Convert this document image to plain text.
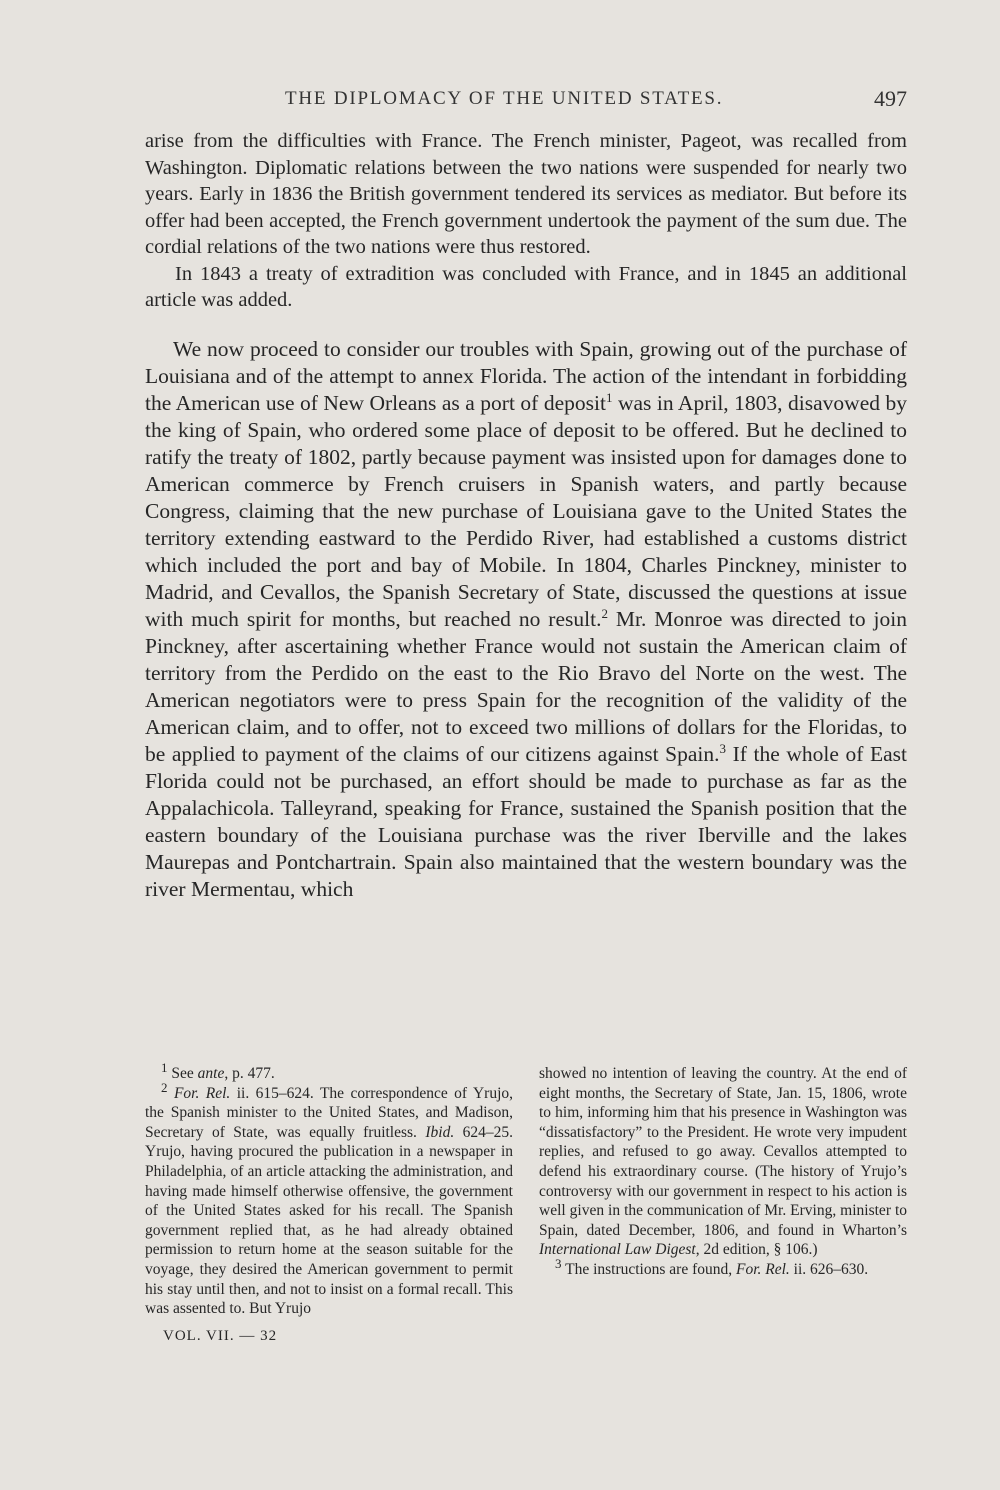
THE DIPLOMACY OF THE UNITED STATES.	497

arise from the difficulties with France. The French minister, Pageot, was recalled from Washington. Diplomatic relations between the two nations were suspended for nearly two years. Early in 1836 the British government tendered its services as mediator. But before its offer had been accepted, the French government undertook the payment of the sum due. The cordial relations of the two nations were thus restored.

In 1843 a treaty of extradition was concluded with France, and in 1845 an additional article was added.

We now proceed to consider our troubles with Spain, growing out of the purchase of Louisiana and of the attempt to annex Florida. The action of the intendant in forbidding the American use of New Orleans as a port of deposit$^1$ was in April, 1803, disavowed by the king of Spain, who ordered some place of deposit to be offered. But he declined to ratify the treaty of 1802, partly because payment was insisted upon for damages done to American commerce by French cruisers in Spanish waters, and partly because Congress, claiming that the new purchase of Louisiana gave to the United States the territory extending eastward to the Perdido River, had established a customs district which included the port and bay of Mobile. In 1804, Charles Pinckney, minister to Madrid, and Cevallos, the Spanish Secretary of State, discussed the questions at issue with much spirit for months, but reached no result.$^2$ Mr. Monroe was directed to join Pinckney, after ascertaining whether France would not sustain the American claim of territory from the Perdido on the east to the Rio Bravo del Norte on the west. The American negotiators were to press Spain for the recognition of the validity of the American claim, and to offer, not to exceed two millions of dollars for the Floridas, to be applied to payment of the claims of our citizens against Spain.$^3$ If the whole of East Florida could not be purchased, an effort should be made to purchase as far as the Appalachicola. Talleyrand, speaking for France, sustained the Spanish position that the eastern boundary of the Louisiana purchase was the river Iberville and the lakes Maurepas and Pontchartrain. Spain also maintained that the western boundary was the river Mermentau, which

$^1$ See ante, p. 477.

$^2$ For. Rel. ii. 615–624. The correspondence of Yrujo, the Spanish minister to the United States, and Madison, Secretary of State, was equally fruitless. Ibid. 624–25. Yrujo, having procured the publication in a newspaper in Philadelphia, of an article attacking the administration, and having made himself otherwise offensive, the government of the United States asked for his recall. The Spanish government replied that, as he had already obtained permission to return home at the season suitable for the voyage, they desired the American government to permit his stay until then, and not to insist on a formal recall. This was assented to. But Yrujo

VOL. VII. — 32

showed no intention of leaving the country. At the end of eight months, the Secretary of State, Jan. 15, 1806, wrote to him, informing him that his presence in Washington was “dissatisfactory” to the President. He wrote very impudent replies, and refused to go away. Cevallos attempted to defend his extraordinary course. (The history of Yrujo’s controversy with our government in respect to his action is well given in the communication of Mr. Erving, minister to Spain, dated December, 1806, and found in Wharton’s International Law Digest, 2d edition, § 106.)

$^3$ The instructions are found, For. Rel. ii. 626–630.
